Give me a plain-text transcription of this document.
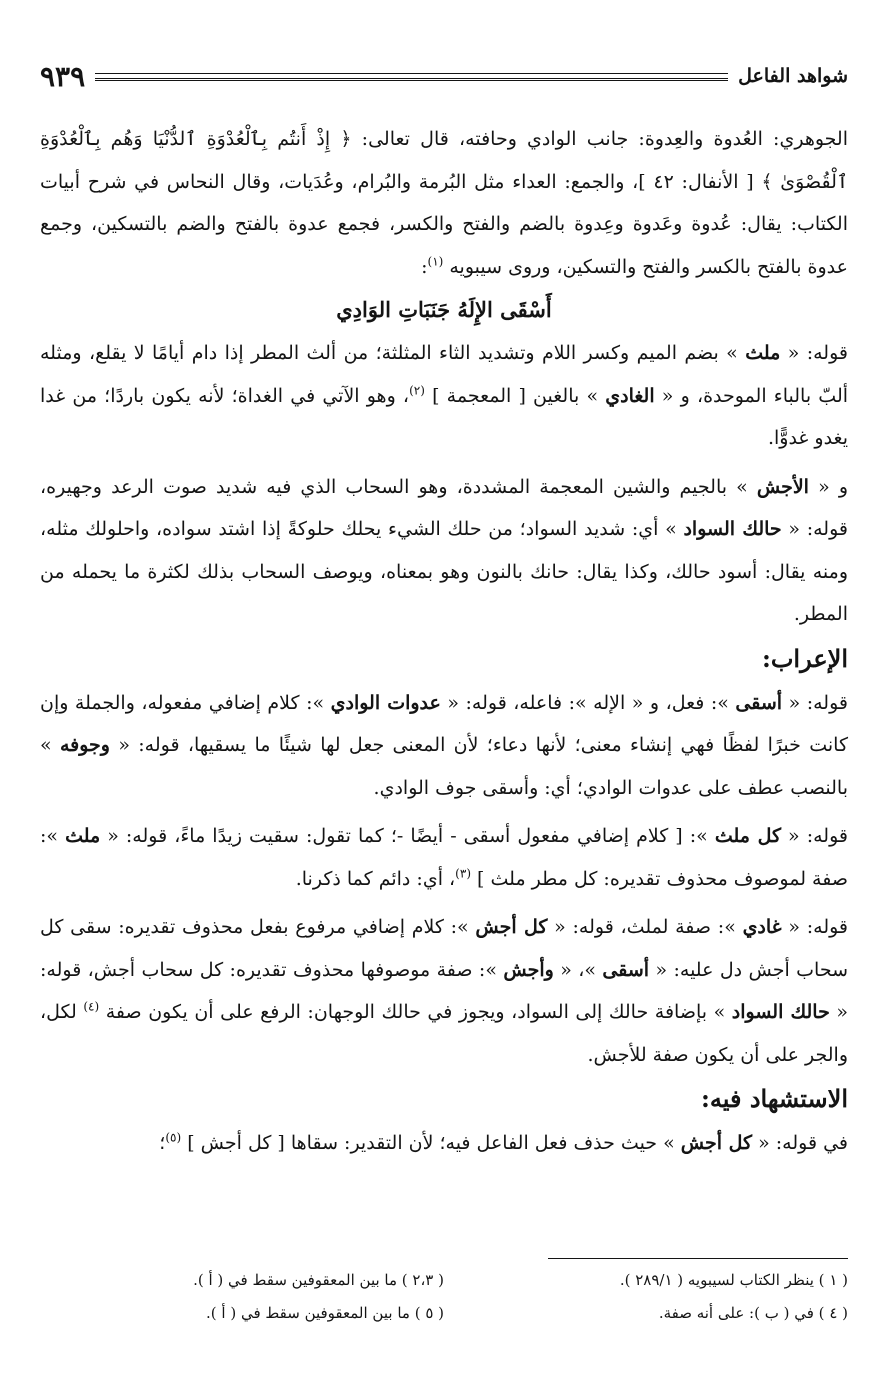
شواهد الفاعل
٩٣٩

الجوهري: العُدوة والعِدوة: جانب الوادي وحافته، قال تعالى: ﴿ إِذْ أَنتُم بِٱلْعُدْوَةِ ٱلدُّنْيَا وَهُم بِٱلْعُدْوَةِ ٱلْقُصْوَىٰ ﴾ [ الأنفال: ٤٢ ]، والجمع: العداء مثل البُرمة والبُرام، وعُدَيات، وقال النحاس في شرح أبيات الكتاب: يقال: عُدوة وعَدوة وعِدوة بالضم والفتح والكسر، فجمع عدوة بالفتح والضم بالتسكين، وجمع عدوة بالفتح بالكسر والفتح والتسكين، وروى سيبويه $^{(١)}$:

أَسْقَى الإِلَهُ جَنَبَاتِ الوَادِي

قوله: « ملث » بضم الميم وكسر اللام وتشديد الثاء المثلثة؛ من ألث المطر إذا دام أيامًا لا يقلع، ومثله ألبّ بالباء الموحدة، و « الغادي » بالغين [ المعجمة ] $^{(٢)}$، وهو الآتي في الغداة؛ لأنه يكون باردًا؛ من غدا يغدو غدوًّا.

و « الأجش » بالجيم والشين المعجمة المشددة، وهو السحاب الذي فيه شديد صوت الرعد وجهيره، قوله: « حالك السواد » أي: شديد السواد؛ من حلك الشيء يحلك حلوكةً إذا اشتد سواده، واحلولك مثله، ومنه يقال: أسود حالك، وكذا يقال: حانك بالنون وهو بمعناه، ويوصف السحاب بذلك لكثرة ما يحمله من المطر.

الإعراب:

قوله: « أسقى »: فعل، و « الإله »: فاعله، قوله: « عدوات الوادي »: كلام إضافي مفعوله، والجملة وإن كانت خبرًا لفظًا فهي إنشاء معنى؛ لأنها دعاء؛ لأن المعنى جعل لها شيئًا ما يسقيها، قوله: « وجوفه » بالنصب عطف على عدوات الوادي؛ أي: وأسقى جوف الوادي.

قوله: « كل ملث »: [ كلام إضافي مفعول أسقى - أيضًا -؛ كما تقول: سقيت زيدًا ماءً، قوله: « ملث »: صفة لموصوف محذوف تقديره: كل مطر ملث ] $^{(٣)}$، أي: دائم كما ذكرنا.

قوله: « غادي »: صفة لملث، قوله: « كل أجش »: كلام إضافي مرفوع بفعل محذوف تقديره: سقى كل سحاب أجش دل عليه: « أسقى »، « وأجش »: صفة موصوفها محذوف تقديره: كل سحاب أجش، قوله: « حالك السواد » بإضافة حالك إلى السواد، ويجوز في حالك الوجهان: الرفع على أن يكون صفة $^{(٤)}$ لكل، والجر على أن يكون صفة للأجش.

الاستشهاد فيه:

في قوله: « كل أجش » حيث حذف فعل الفاعل فيه؛ لأن التقدير: سقاها [ كل أجش ] $^{(٥)}$؛

( ١ ) ينظر الكتاب لسيبويه ( ٢٨٩/١ ).
( ٢،٣ ) ما بين المعقوفين سقط في ( أ ).
( ٤ ) في ( ب ): على أنه صفة.
( ٥ ) ما بين المعقوفين سقط في ( أ ).
